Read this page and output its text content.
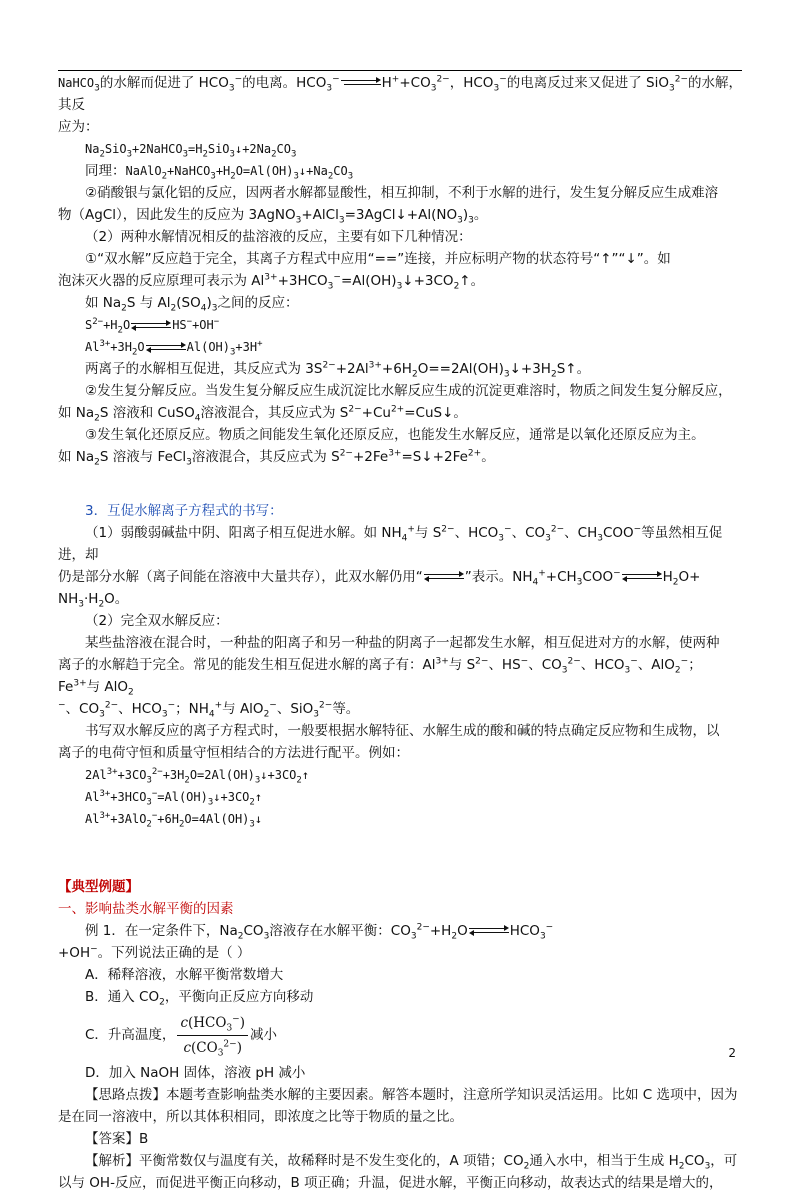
NaHCO$_3$的水解而促进了 $HCO_3^-$的电离。$HCO_3^-$	$H^++CO_3^{2-}$，$HCO_3^-$的电离反过来又促进了 SiO$_3^{2-}$的水解，其反

应为：

$Na_2SiO_3+2NaHCO_3=H_2SiO_3↓+2Na_2CO_3$

同理：$NaAlO_2+NaHCO_3+H_2O=Al(OH)_3↓+Na_2CO_3$

②硝酸银与氯化铝的反应，因两者水解都显酸性，相互抑制，不利于水解的进行，发生复分解反应生成难溶

物（AgCl），因此发生的反应为 $3AgNO_3+AlCl_3=3AgCl↓+Al(NO_3)_3$。

（2）两种水解情况相反的盐溶液的反应，主要有如下几种情况：

①“双水解”反应趋于完全，其离子方程式中应用“==”连接，并应标明产物的状态符号“↑”“↓”。如

泡沫灭火器的反应原理可表示为 $Al^{3+}+3HCO_3^-=Al(OH)_3↓+3CO_2↑$。

如 $Na_2S$ 与 $Al_2(SO_4)_3$之间的反应：

$S^{2-}+H_2O$	HS−+OH−

$Al^{3+}+3H_2O$	$Al(OH)_3+3H^+$

两离子的水解相互促进，其反应式为 $3S^{2-}+2Al^{3+}+6H_2O==2Al(OH)_3↓+3H_2S↑$。

②发生复分解反应。当发生复分解反应生成沉淀比水解反应生成的沉淀更难溶时，物质之间发生复分解反应，

如 $Na_2S$ 溶液和 CuSO$_4$溶液混合，其反应式为 $S^{2-}+Cu^{2+}=CuS↓$。

③发生氧化还原反应。物质之间能发生氧化还原反应，也能发生水解反应，通常是以氧化还原反应为主。

如 $Na_2S$ 溶液与 FeCl$_3$溶液混合，其反应式为 $S^{2-}+2Fe^{3+}=S↓+2Fe^{2+}$。

3．互促水解离子方程式的书写：

（1）弱酸弱碱盐中阴、阳离子相互促进水解。如 $NH_4^+$与 $S^{2-}$、$HCO_3^-$、$CO_3^{2-}$、$CH_3COO^-$等虽然相互促进，却

仍是部分水解（离子间能在溶液中大量共存），此双水解仍用“	”表示。$NH_4^++CH_3COO^-$	$H_2O+ NH_3\cdot H_2O$。

（2）完全双水解反应：

某些盐溶液在混合时，一种盐的阳离子和另一种盐的阴离子一起都发生水解，相互促进对方的水解，使两种

离子的水解趋于完全。常见的能发生相互促进水解的离子有：$Al^{3+}$与 $S^{2-}$、HS−、$CO_3^{2-}$、$HCO_3^-$、AlO$_2$−；$Fe^{3+}$与 AlO$_2$

−、$CO_3^{2-}$、$HCO_3^-$；$NH_4^+$与 AlO$_2$−、SiO$_3^{2-}$等。

书写双水解反应的离子方程式时，一般要根据水解特征、水解生成的酸和碱的特点确定反应物和生成物，以

离子的电荷守恒和质量守恒相结合的方法进行配平。例如：

$2Al^{3+}+3CO_3^{2-}+3H_2O=2Al(OH)_3↓+3CO_2↑$

$Al^{3+}+3HCO_3^-=Al(OH)_3↓+3CO_2↑$

$Al^{3+}+3AlO_2^-+6H_2O=4Al(OH)_3↓$

【典型例题】

一、影响盐类水解平衡的因素

例 1．在一定条件下，$Na_2CO_3$溶液存在水解平衡：$CO_3^{2-}+H_2O$	$HCO_3^-+OH^-$。下列说法正确的是（ ）

A．稀释溶液，水解平衡常数增大

B．通入 $CO_2$，平衡向正反应方向移动

C．升高温度， $\frac{c(HCO_3^-)}{c(CO_3^{2-})}$ 减小

D．加入 NaOH 固体，溶液 pH 减小

【思路点拨】本题考查影响盐类水解的主要因素。解答本题时，注意所学知识灵活运用。比如 C 选项中，因为

是在同一溶液中，所以其体积相同，即浓度之比等于物质的量之比。

【答案】B

【解析】平衡常数仅与温度有关，故稀释时是不发生变化的，A 项错；$CO_2$通入水中，相当于生成 $H_2CO_3$，可

以与 OH-反应，而促进平衡正向移动，B 项正确；升温，促进水解，平衡正向移动，故表达式的结果是增大的，

2
